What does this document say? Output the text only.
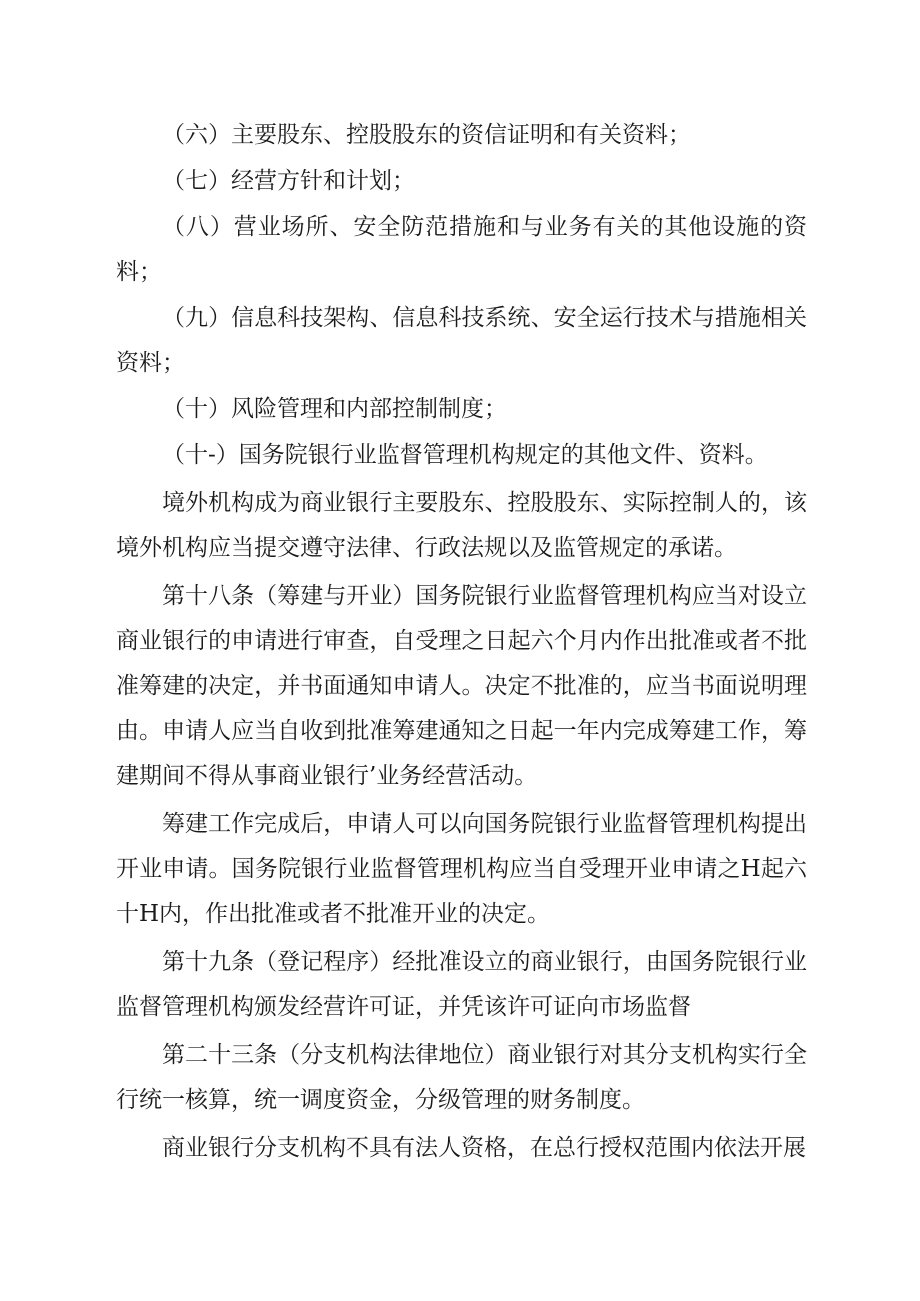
（六）主要股东、控股股东的资信证明和有关资料；

（七）经营方针和计划；

（八）营业场所、安全防范措施和与业务有关的其他设施的资料；

（九）信息科技架构、信息科技系统、安全运行技术与措施相关资料；

（十）风险管理和内部控制制度；

（十-）国务院银行业监督管理机构规定的其他文件、资料。

境外机构成为商业银行主要股东、控股股东、实际控制人的，该境外机构应当提交遵守法律、行政法规以及监管规定的承诺。

第十八条（筹建与开业）国务院银行业监督管理机构应当对设立商业银行的申请进行审查，自受理之日起六个月内作出批准或者不批准筹建的决定，并书面通知申请人。决定不批准的，应当书面说明理由。申请人应当自收到批准筹建通知之日起一年内完成筹建工作，筹建期间不得从事商业银行’业务经营活动。

筹建工作完成后，申请人可以向国务院银行业监督管理机构提出开业申请。国务院银行业监督管理机构应当自受理开业申请之H起六十H内，作出批准或者不批准开业的决定。

第十九条（登记程序）经批准设立的商业银行，由国务院银行业监督管理机构颁发经营许可证，并凭该许可证向市场监督

第二十三条（分支机构法律地位）商业银行对其分支机构实行全行统一核算，统一调度资金，分级管理的财务制度。

商业银行分支机构不具有法人资格，在总行授权范围内依法开展
